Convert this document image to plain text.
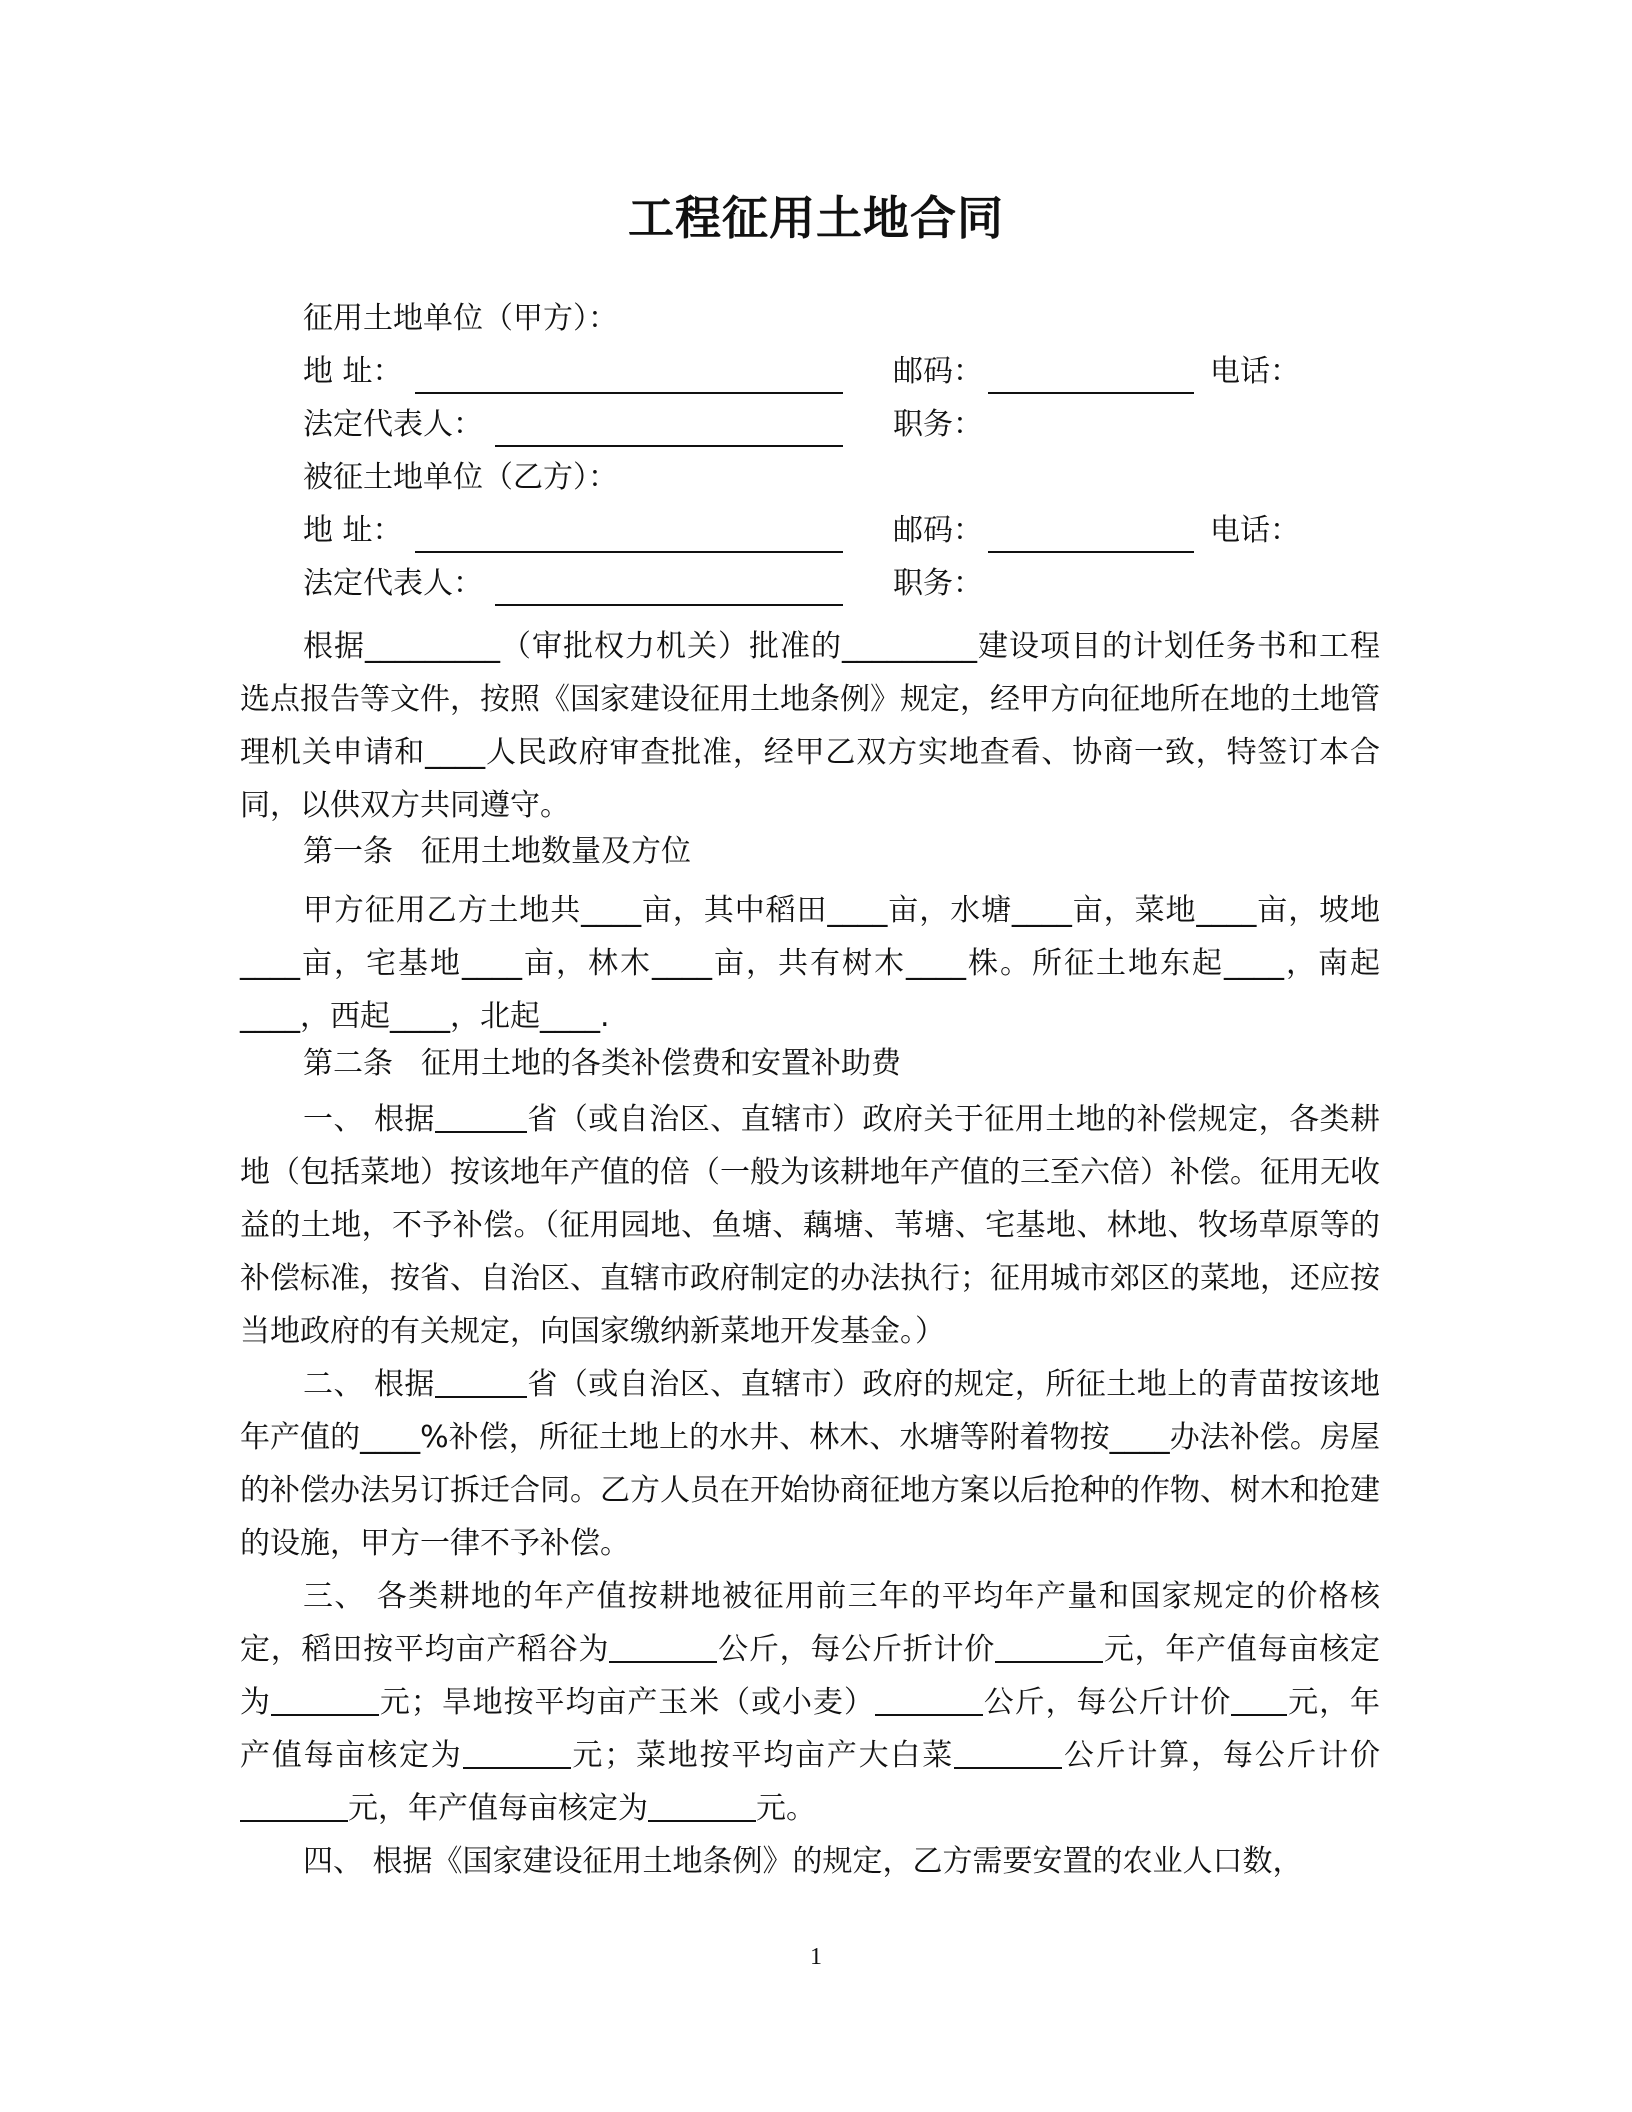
工程征用土地合同
征用土地单位（甲方）：
地 址：	邮码：	电话：
法定代表人：	职务：
被征土地单位（乙方）：
地 址：	邮码：	电话：
法定代表人：	职务：
根据_________（审批权力机关）批准的_________建设项目的计划任务书和工程选点报告等文件，按照《国家建设征用土地条例》规定，经甲方向征地所在地的土地管理机关申请和____人民政府审查批准，经甲乙双方实地查看、协商一致，特签订本合同，以供双方共同遵守。
第一条 征用土地数量及方位
甲方征用乙方土地共____亩，其中稻田____亩，水塘____亩，菜地____亩，坡地____亩，宅基地____亩，林木____亩，共有树木____株。所征土地东起____，南起____，西起____，北起____.
第二条 征用土地的各类补偿费和安置补助费
一、 根据	省（或自治区、直辖市）政府关于征用土地的补偿规定，各类耕地（包括菜地）按该地年产值的倍（一般为该耕地年产值的三至六倍）补偿。征用无收益的土地，不予补偿。（征用园地、鱼塘、藕塘、苇塘、宅基地、林地、牧场草原等的补偿标准，按省、自治区、直辖市政府制定的办法执行；征用城市郊区的菜地，还应按当地政府的有关规定，向国家缴纳新菜地开发基金。）
二、 根据	省（或自治区、直辖市）政府的规定，所征土地上的青苗按该地年产值的____%补偿，所征土地上的水井、林木、水塘等附着物按____办法补偿。房屋的补偿办法另订拆迁合同。乙方人员在开始协商征地方案以后抢种的作物、树木和抢建的设施，甲方一律不予补偿。
三、 各类耕地的年产值按耕地被征用前三年的平均年产量和国家规定的价格核定，稻田按平均亩产稻谷为	公斤，每公斤折计价	元，年产值每亩核定为	元；旱地按平均亩产玉米（或小麦）	公斤，每公斤计价 元，年产值每亩核定为	元；菜地按平均亩产大白菜	公斤计算，每公斤计价元，年产值每亩核定为	元。
四、 根据《国家建设征用土地条例》的规定，乙方需要安置的农业人口数，
1
